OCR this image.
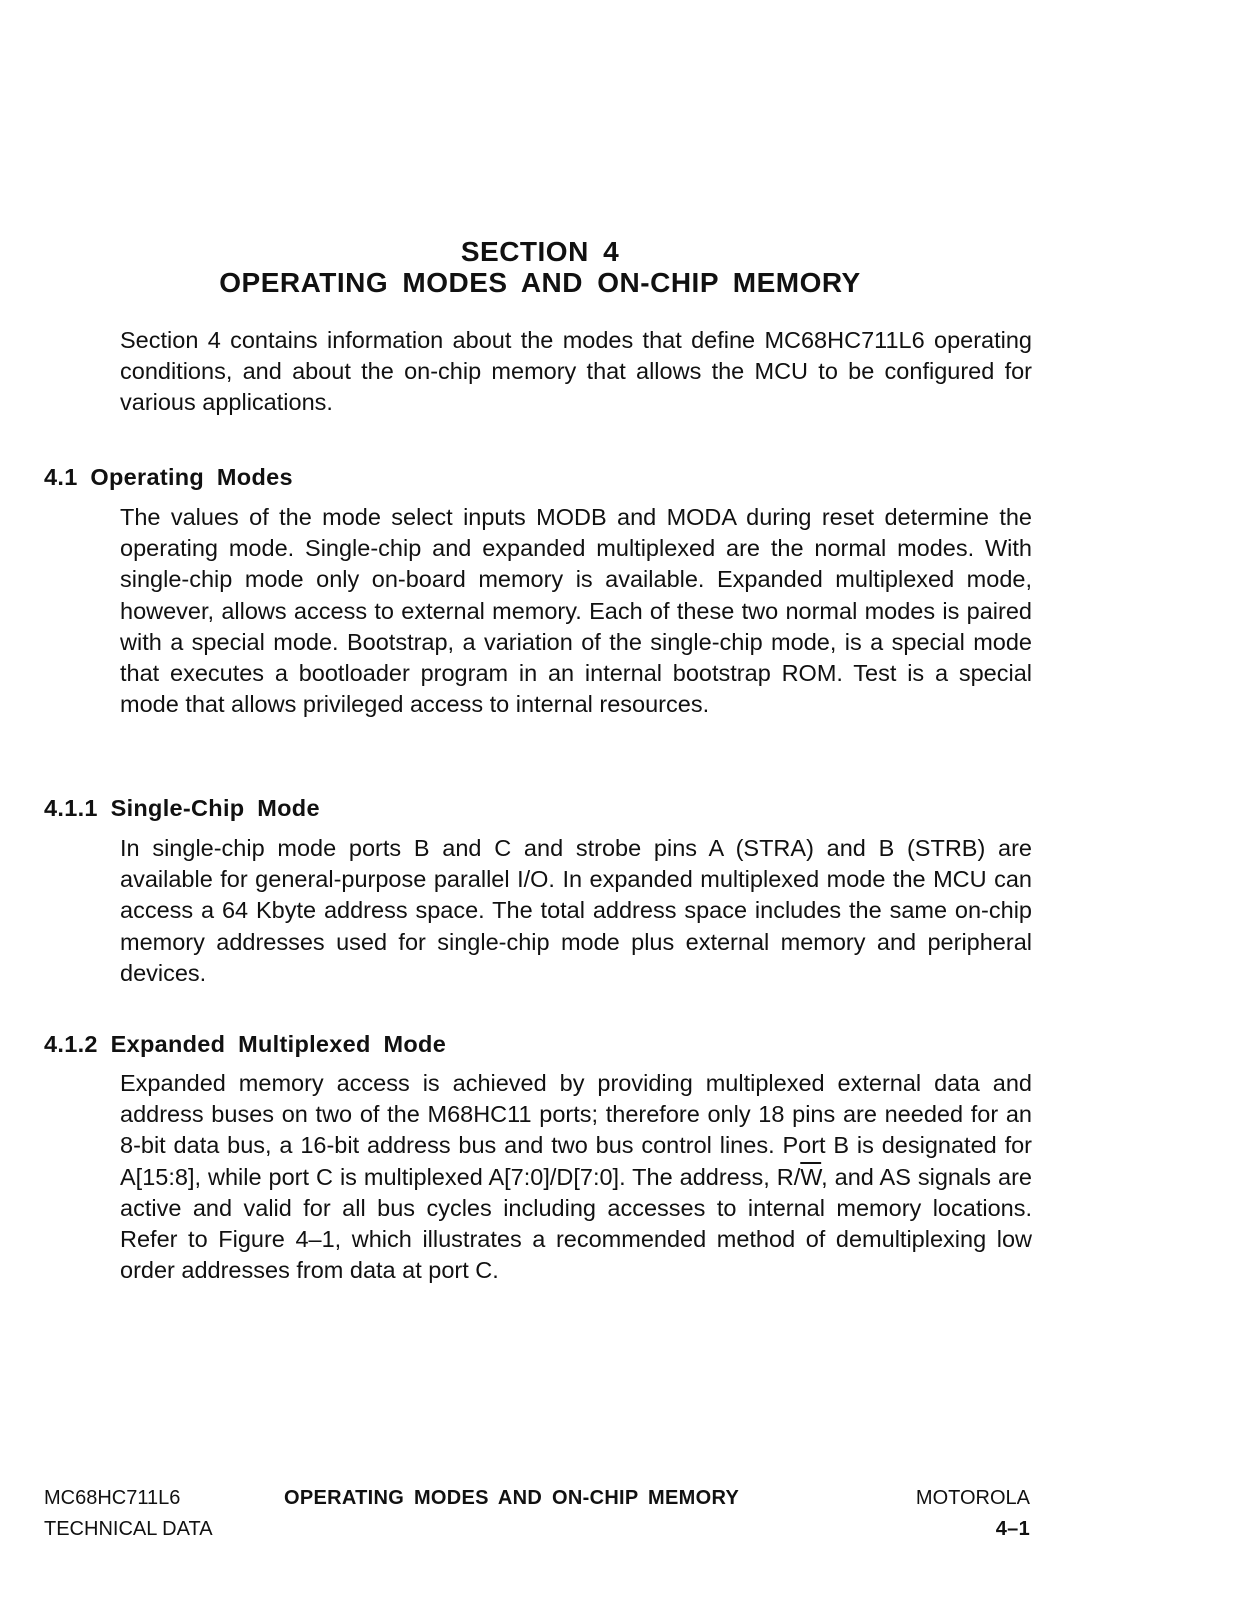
SECTION 4
OPERATING MODES AND ON-CHIP MEMORY

Section 4 contains information about the modes that define MC68HC711L6 operating conditions, and about the on-chip memory that allows the MCU to be configured for various applications.

4.1 Operating Modes

The values of the mode select inputs MODB and MODA during reset determine the operating mode. Single-chip and expanded multiplexed are the normal modes. With single-chip mode only on-board memory is available. Expanded multiplexed mode, however, allows access to external memory. Each of these two normal modes is paired with a special mode. Bootstrap, a variation of the single-chip mode, is a special mode that executes a bootloader program in an internal bootstrap ROM. Test is a special mode that allows privileged access to internal resources.

4.1.1 Single-Chip Mode

In single-chip mode ports B and C and strobe pins A (STRA) and B (STRB) are available for general-purpose parallel I/O. In expanded multiplexed mode the MCU can access a 64 Kbyte address space. The total address space includes the same on-chip memory addresses used for single-chip mode plus external memory and peripheral devices.

4.1.2 Expanded Multiplexed Mode

Expanded memory access is achieved by providing multiplexed external data and address buses on two of the M68HC11 ports; therefore only 18 pins are needed for an 8-bit data bus, a 16-bit address bus and two bus control lines. Port B is designated for A[15:8], while port C is multiplexed A[7:0]/D[7:0]. The address, $R/\overline{W}$, and AS signals are active and valid for all bus cycles including accesses to internal memory locations. Refer to Figure 4–1, which illustrates a recommended method of demultiplexing low order addresses from data at port C.

MC68HC711L6
TECHNICAL DATA
OPERATING MODES AND ON-CHIP MEMORY	MOTOROLA
4–1
